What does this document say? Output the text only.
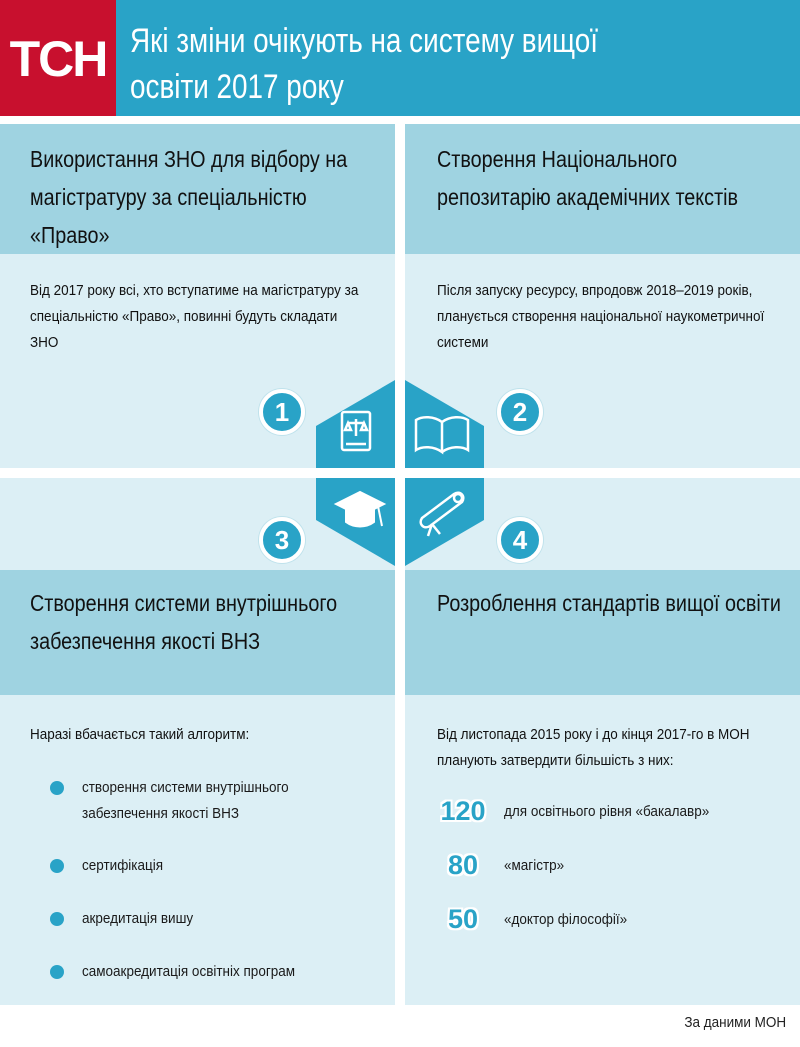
ТСН Які зміни очікують на систему вищої освіти 2017 року
Використання ЗНО для відбору на магістратуру за спеціальністю «Право»
Створення Національного репозитарію академічних текстів
Створення системи внутрішнього забезпечення якості ВНЗ
Розроблення стандартів вищої освіти
Від 2017 року всі, хто вступатиме на магістратуру за спеціальністю «Право», повинні будуть складати ЗНО
Після запуску ресурсу, впродовж 2018–2019 років, планується створення національної наукометричної системи
Наразі вбачається такий алгоритм:	Від листопада 2015 року і до кінця 2017-го в МОН планують затвердити більшість з них:
створення системи внутрішнього забезпечення якості ВНЗ
сертифікація
акредитація вишу
самоакредитація освітніх програм
120	для освітнього рівня «бакалавр»
80	«магістр»
50	«доктор філософії»
1	2
3	4
За даними МОН
